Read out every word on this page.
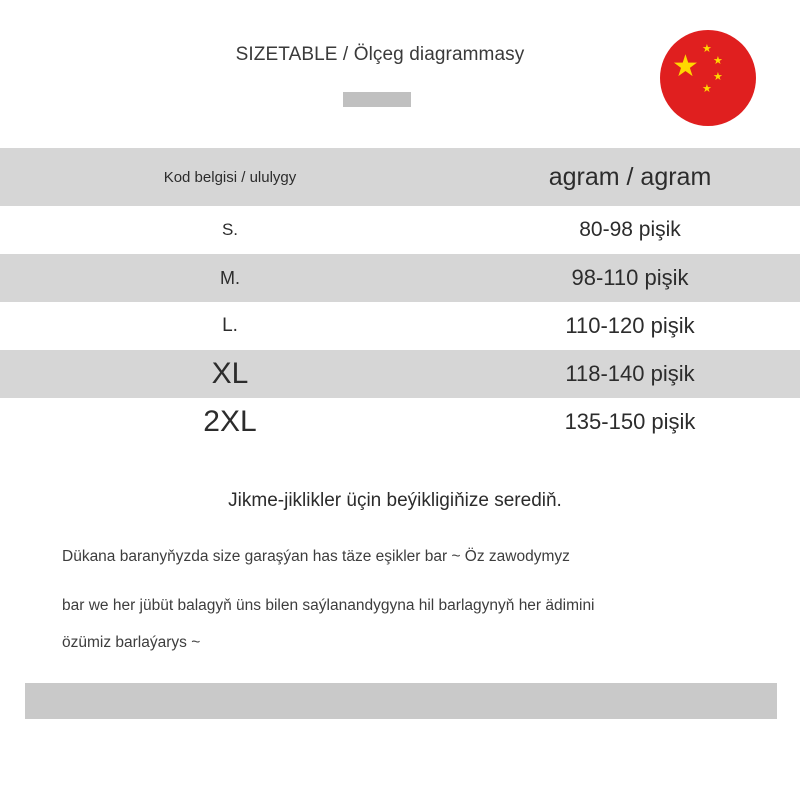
SIZETABLE / Ölçeg diagrammasy	★
★
★
★
★
Kod belgisi / ululygy	agram / agram
S.	80-98 pişik
M.	98-110 pişik
L.	110-120 pişik
XL	118-140 pişik
2XL	135-150 pişik
Jikme-jiklikler üçin beýikligiňize serediň.
Dükana baranyňyzda size garaşýan has täze eşikler bar ~ Öz zawodymyz
bar we her jübüt balagyň üns bilen saýlanandygyna hil barlagynyň her ädimini
özümiz barlaýarys ~
